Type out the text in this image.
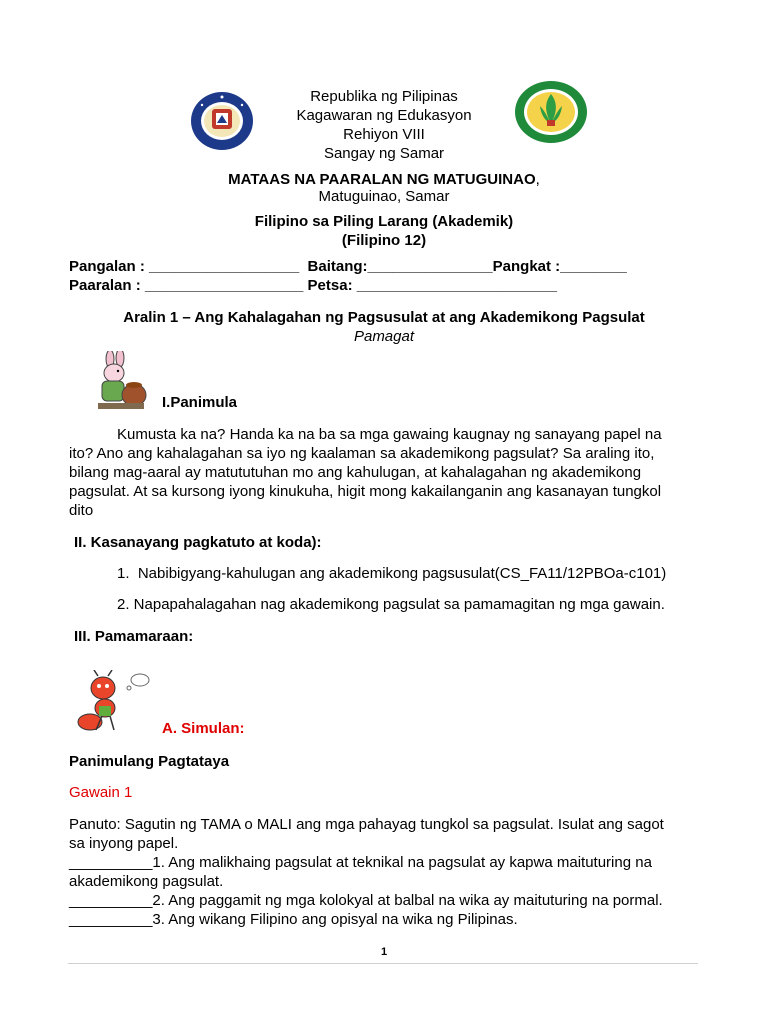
Republika ng Pilipinas
Kagawaran ng Edukasyon
Rehiyon VIII
Sangay ng Samar
MATAAS NA PAARALAN NG MATUGUINAO,
Matuguinao, Samar
Filipino sa Piling Larang (Akademik)
(Filipino 12)
Pangalan : __________________  Baitang:_______________Pangkat :________
Paaralan : ___________________ Petsa: ________________________
Aralin 1 – Ang Kahalagahan ng Pagsusulat at ang Akademikong Pagsulat
Pamagat
I.Panimula
Kumusta ka na? Handa ka na ba sa mga gawaing kaugnay ng sanayang papel na
ito? Ano ang kahalagahan sa iyo ng kaalaman sa akademikong pagsulat? Sa araling ito,
bilang mag-aaral ay matututuhan mo ang kahulugan, at kahalagahan ng akademikong
pagsulat. At sa kursong iyong kinukuha, higit mong kakailanganin ang kasanayan tungkol
dito
II. Kasanayang pagkatuto at koda):
1.  Nabibigyang-kahulugan ang akademikong pagsusulat(CS_FA11/12PBOa-c101)
2. Napapahalagahan nag akademikong pagsulat sa pamamagitan ng mga gawain.
III. Pamamaraan:
A. Simulan:
Panimulang Pagtataya
Gawain 1
Panuto: Sagutin ng TAMA o MALI ang mga pahayag tungkol sa pagsulat. Isulat ang sagot
sa inyong papel.
__________1. Ang malikhaing pagsulat at teknikal na pagsulat ay kapwa maituturing na
akademikong pagsulat.
__________2. Ang paggamit ng mga kolokyal at balbal na wika ay maituturing na pormal.
__________3. Ang wikang Filipino ang opisyal na wika ng Pilipinas.
1
